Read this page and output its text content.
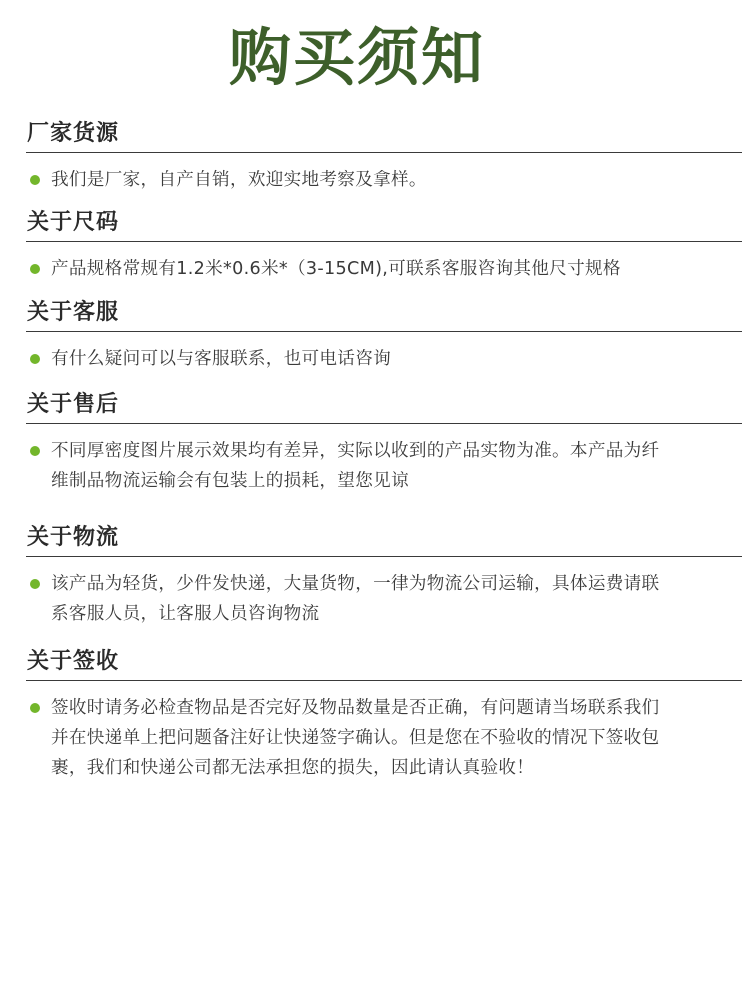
购买须知
厂家货源
我们是厂家，自产自销，欢迎实地考察及拿样。
关于尺码
产品规格常规有1.2米*0.6米*（3-15CM),可联系客服咨询其他尺寸规格
关于客服
有什么疑问可以与客服联系，也可电话咨询
关于售后
不同厚密度图片展示效果均有差异，实际以收到的产品实物为准。本产品为纤
维制品物流运输会有包装上的损耗，望您见谅
关于物流
该产品为轻货，少件发快递，大量货物，一律为物流公司运输，具体运费请联
系客服人员，让客服人员咨询物流
关于签收
签收时请务必检查物品是否完好及物品数量是否正确，有问题请当场联系我们
并在快递单上把问题备注好让快递签字确认。但是您在不验收的情况下签收包
裹，我们和快递公司都无法承担您的损失，因此请认真验收！
